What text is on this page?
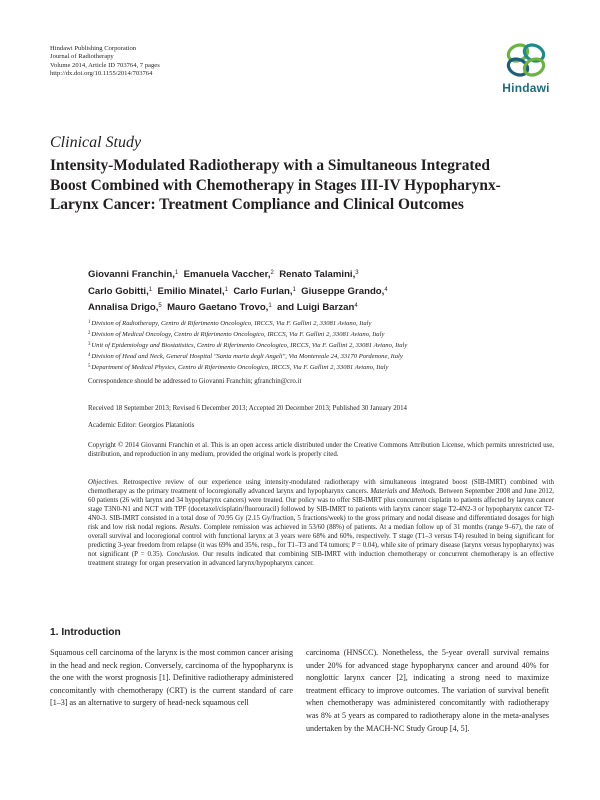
Hindawi Publishing Corporation
Journal of Radiotherapy
Volume 2014, Article ID 703764, 7 pages
http://dx.doi.org/10.1155/2014/703764
Hindawi
Clinical Study
Intensity-Modulated Radiotherapy with a Simultaneous Integrated Boost Combined with Chemotherapy in Stages III-IV Hypopharynx-Larynx Cancer: Treatment Compliance and Clinical Outcomes
Giovanni Franchin,$^1$ Emanuela Vaccher,$^2$ Renato Talamini,$^3$
Carlo Gobitti,$^1$ Emilio Minatel,$^1$ Carlo Furlan,$^1$ Giuseppe Grando,$^4$
Annalisa Drigo,$^5$ Mauro Gaetano Trovo,$^1$ and Luigi Barzan$^4$
$^1$Division of Radiotherapy, Centro di Riferimento Oncologico, IRCCS, Via F. Gallini 2, 33081 Aviano, Italy
$^2$Division of Medical Oncology, Centro di Riferimento Oncologico, IRCCS, Via F. Gallini 2, 33081 Aviano, Italy
$^3$Unit of Epidemiology and Biostatistics, Centro di Riferimento Oncologico, IRCCS, Via F. Gallini 2, 33081 Aviano, Italy
$^4$Division of Head and Neck, General Hospital "Santa maria degli Angeli", Via Montereale 24, 33170 Pordenone, Italy
$^5$Department of Medical Physics, Centro di Riferimento Oncologico, IRCCS, Via F. Gallini 2, 33081 Aviano, Italy

Correspondence should be addressed to Giovanni Franchin; gfranchin@cro.it

Received 18 September 2013; Revised 6 December 2013; Accepted 20 December 2013; Published 30 January 2014

Academic Editor: Georgios Plataniotis

Copyright © 2014 Giovanni Franchin et al. This is an open access article distributed under the Creative Commons Attribution License, which permits unrestricted use, distribution, and reproduction in any medium, provided the original work is properly cited.

Objectives. Retrospective review of our experience using intensity-modulated radiotherapy with simultaneous integrated boost (SIB-IMRT) combined with chemotherapy as the primary treatment of locoregionally advanced larynx and hypopharynx cancers. Materials and Methods. Between September 2008 and June 2012, 60 patients (26 with larynx and 34 hypopharynx cancers) were treated. Our policy was to offer SIB-IMRT plus concurrent cisplatin to patients affected by larynx cancer stage T3N0-N1 and NCT with TPF (docetaxel/cisplatin/fluorouracil) followed by SIB-IMRT to patients with larynx cancer stage T2-4N2-3 or hypopharynx cancer T2-4N0-3. SIB-IMRT consisted in a total dose of 70.95 Gy (2.15 Gy/fraction, 5 fractions/week) to the gross primary and nodal disease and differentiated dosages for high risk and low risk nodal regions. Results. Complete remission was achieved in 53/60 (88%) of patients. At a median follow up of 31 months (range 9–67), the rate of overall survival and locoregional control with functional larynx at 3 years were 68% and 60%, respectively. T stage (T1–3 versus T4) resulted in being significant for predicting 3-year freedom from relapse (it was 69% and 35%, resp., for T1–T3 and T4 tumors; P = 0.04), while site of primary disease (larynx versus hypopharynx) was not significant (P = 0.35). Conclusion. Our results indicated that combining SIB-IMRT with induction chemotherapy or concurrent chemotherapy is an effective treatment strategy for organ preservation in advanced larynx/hypopharynx cancer.

1. Introduction

Squamous cell carcinoma of the larynx is the most common cancer arising in the head and neck region. Conversely, carcinoma of the hypopharynx is the one with the worst prognosis [1]. Definitive radiotherapy administered concomitantly with chemotherapy (CRT) is the current standard of care [1–3] as an alternative to surgery of head-neck squamous cell

carcinoma (HNSCC). Nonetheless, the 5-year overall survival remains under 20% for advanced stage hypopharynx cancer and around 40% for nonglottic larynx cancer [2], indicating a strong need to maximize treatment efficacy to improve outcomes. The variation of survival benefit when chemotherapy was administered concomitantly with radiotherapy was 8% at 5 years as compared to radiotherapy alone in the meta-analyses undertaken by the MACH-NC Study Group [4, 5].
